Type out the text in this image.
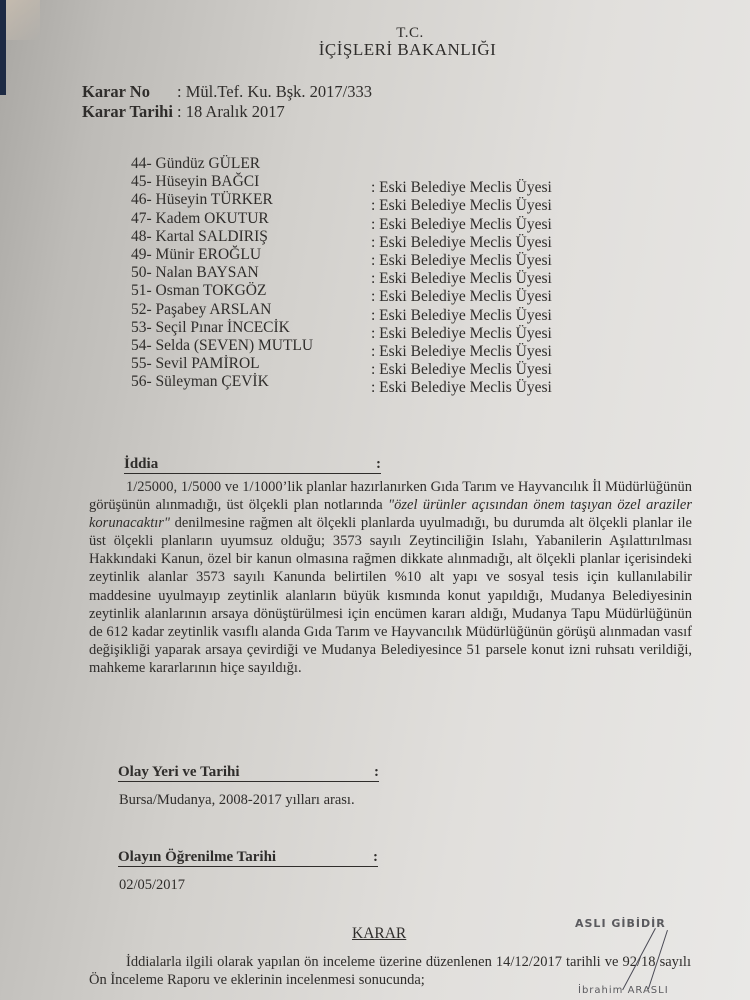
T.C.
İÇİŞLERİ BAKANLIĞI
Karar No	: Mül.Tef. Ku. Bşk. 2017/333
Karar Tarihi : 18 Aralık 2017
44- Gündüz GÜLER
45- Hüseyin BAĞCI	: Eski Belediye Meclis Üyesi
46- Hüseyin TÜRKER	: Eski Belediye Meclis Üyesi
47- Kadem OKUTUR	: Eski Belediye Meclis Üyesi
48- Kartal SALDIRIŞ	: Eski Belediye Meclis Üyesi
49- Münir EROĞLU	: Eski Belediye Meclis Üyesi
50- Nalan BAYSAN	: Eski Belediye Meclis Üyesi
51- Osman TOKGÖZ	: Eski Belediye Meclis Üyesi
52- Paşabey ARSLAN	: Eski Belediye Meclis Üyesi
53- Seçil Pınar İNCECİK	: Eski Belediye Meclis Üyesi
54- Selda (SEVEN) MUTLU	: Eski Belediye Meclis Üyesi
55- Sevil PAMİROL	: Eski Belediye Meclis Üyesi
56- Süleyman ÇEVİK	: Eski Belediye Meclis Üyesi
İddia	:
1/25000, 1/5000 ve 1/1000’lik planlar hazırlanırken Gıda Tarım ve Hayvancılık İl Müdürlüğünün görüşünün alınmadığı, üst ölçekli plan notlarında "özel ürünler açısından önem taşıyan özel araziler korunacaktır" denilmesine rağmen alt ölçekli planlarda uyulmadığı, bu durumda alt ölçekli planlar ile üst ölçekli planların uyumsuz olduğu; 3573 sayılı Zeytinciliğin Islahı, Yabanilerin Aşılattırılması Hakkındaki Kanun, özel bir kanun olmasına rağmen dikkate alınmadığı, alt ölçekli planlar içerisindeki zeytinlik alanlar 3573 sayılı Kanunda belirtilen %10 alt yapı ve sosyal tesis için kullanılabilir maddesine uyulmayıp zeytinlik alanların büyük kısmında konut yapıldığı, Mudanya Belediyesinin zeytinlik alanlarının arsaya dönüştürülmesi için encümen kararı aldığı, Mudanya Tapu Müdürlüğünün de 612 kadar zeytinlik vasıflı alanda Gıda Tarım ve Hayvancılık Müdürlüğünün görüşü alınmadan vasıf değişikliği yaparak arsaya çevirdiği ve Mudanya Belediyesince 51 parsele konut izni ruhsatı verildiği, mahkeme kararlarının hiçe sayıldığı.
Olay Yeri ve Tarihi	:
Bursa/Mudanya, 2008-2017 yılları arası.
Olayın Öğrenilme Tarihi	:
02/05/2017
KARAR
İddialarla ilgili olarak yapılan ön inceleme üzerine düzenlenen 14/12/2017 tarihli ve 92/18 sayılı Ön İnceleme Raporu ve eklerinin incelenmesi sonucunda;
ASLI GİBİDİR
İbrahim ARASLI
